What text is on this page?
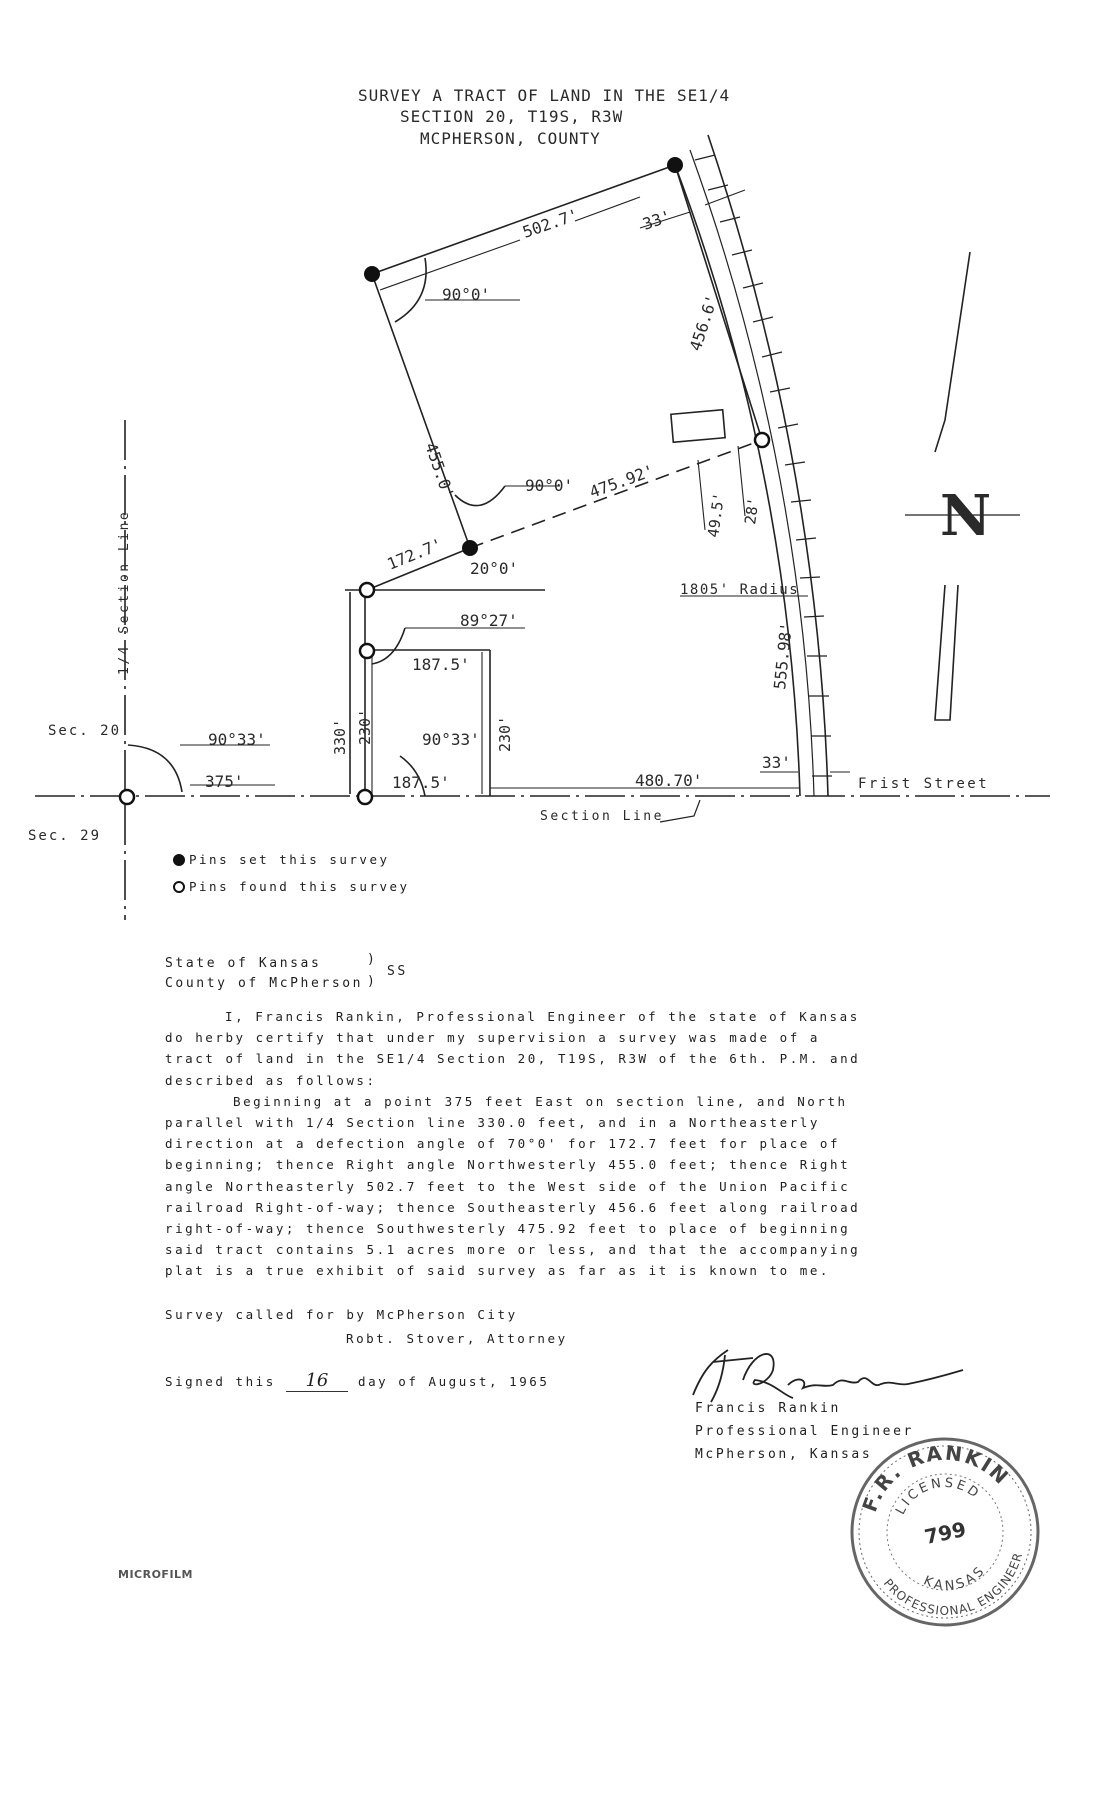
SURVEY A TRACT OF LAND IN THE SE1/4
SECTION 20, T19S, R3W
MCPHERSON, COUNTY
502.7'	33'
456.6'
90°0'
455.0'	90°0' 475.92'
49.5' 28'
172.7' 20°0'
1805' Radius
555.98'
89°27'
187.5'
330' 230'	230'
90°33'
187.5'	480.70'
33'
90°33'
375'
1/4 Section Line
Sec. 20
Sec. 29
Section Line
Frist Street
N
Pins set this survey
Pins found this survey
State of Kansas	)
County of McPherson )
SS
I, Francis Rankin, Professional Engineer of the state of Kansas
do herby certify that under my supervision a survey was made of a
tract of land in the SE1/4 Section 20, T19S, R3W of the 6th. P.M. and
described as follows:
Beginning at a point 375 feet East on section line, and North
parallel with 1/4 Section line 330.0 feet, and in a Northeasterly
direction at a defection angle of 70°0' for 172.7 feet for place of
beginning; thence Right angle Northwesterly 455.0 feet; thence Right
angle Northeasterly 502.7 feet to the West side of the Union Pacific
railroad Right-of-way; thence Southeasterly 456.6 feet along railroad
right-of-way; thence Southwesterly 475.92 feet to place of beginning
said tract contains 5.1 acres more or less, and that the accompanying
plat is a true exhibit of said survey as far as it is known to me.
Survey called for by McPherson City
Robt. Stover, Attorney
Signed this 16 day of August, 1965
Francis Rankin
Professional Engineer
McPherson, Kansas
F.R. RANKIN
LICENSED
799
KANSAS
PROFESSIONAL ENGINEER
MICROFILM
